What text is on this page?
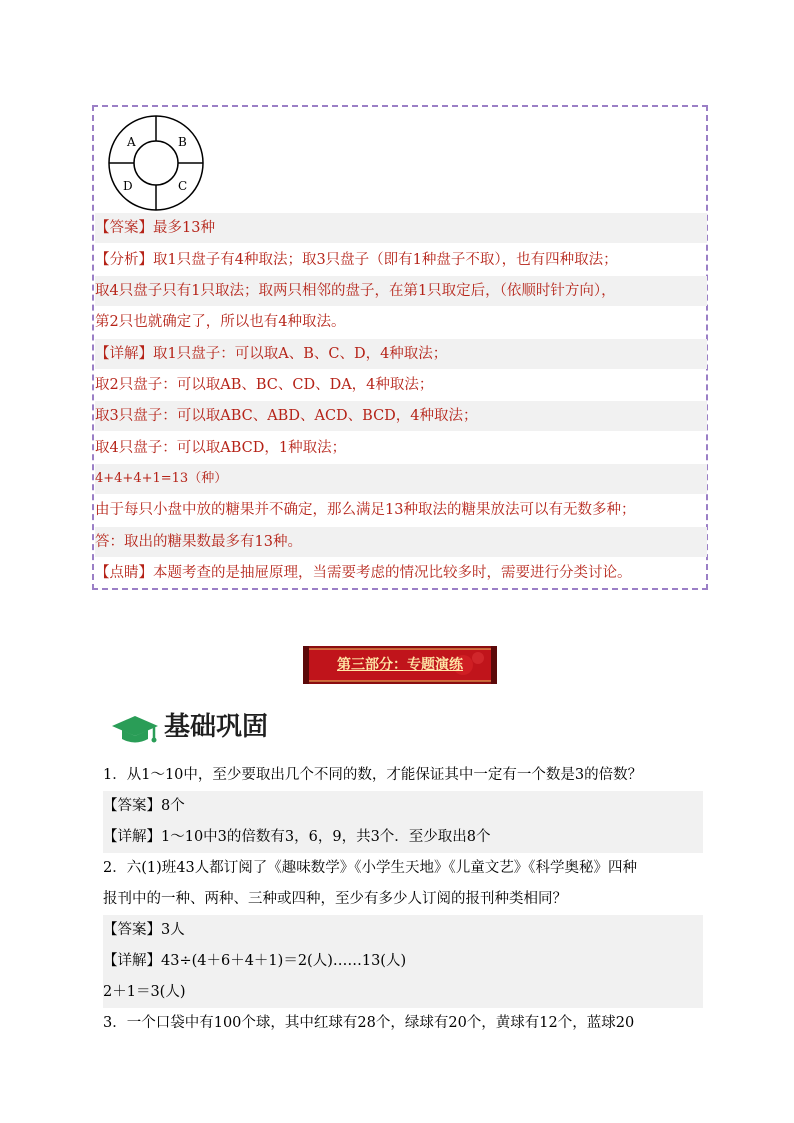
A	B
C
D
【答案】最多13种
【分析】取1只盘子有4种取法；取3只盘子（即有1种盘子不取），也有四种取法；
取4只盘子只有1只取法；取两只相邻的盘子，在第1只取定后，（依顺时针方向），
第2只也就确定了，所以也有4种取法。
【详解】取1只盘子：可以取A、B、C、D，4种取法；
取2只盘子：可以取AB、BC、CD、DA，4种取法；
取3只盘子：可以取ABC、ABD、ACD、BCD，4种取法；
取4只盘子：可以取ABCD，1种取法；
4+4+4+1=13（种）
由于每只小盘中放的糖果并不确定，那么满足13种取法的糖果放法可以有无数多种；
答：取出的糖果数最多有13种。
【点睛】本题考查的是抽屉原理，当需要考虑的情况比较多时，需要进行分类讨论。
第三部分：专题演练
基础巩固
1．从1～10中，至少要取出几个不同的数，才能保证其中一定有一个数是3的倍数？
【答案】8个
【详解】1～10中3的倍数有3，6，9，共3个．至少取出8个
2．六(1)班43人都订阅了《趣味数学》《小学生天地》《儿童文艺》《科学奥秘》四种
报刊中的一种、两种、三种或四种，至少有多少人订阅的报刊种类相同？
【答案】3人
【详解】43÷(4＋6＋4＋1)＝2(人)……13(人)
2＋1＝3(人)
3．一个口袋中有100个球，其中红球有28个，绿球有20个，黄球有12个，蓝球20
